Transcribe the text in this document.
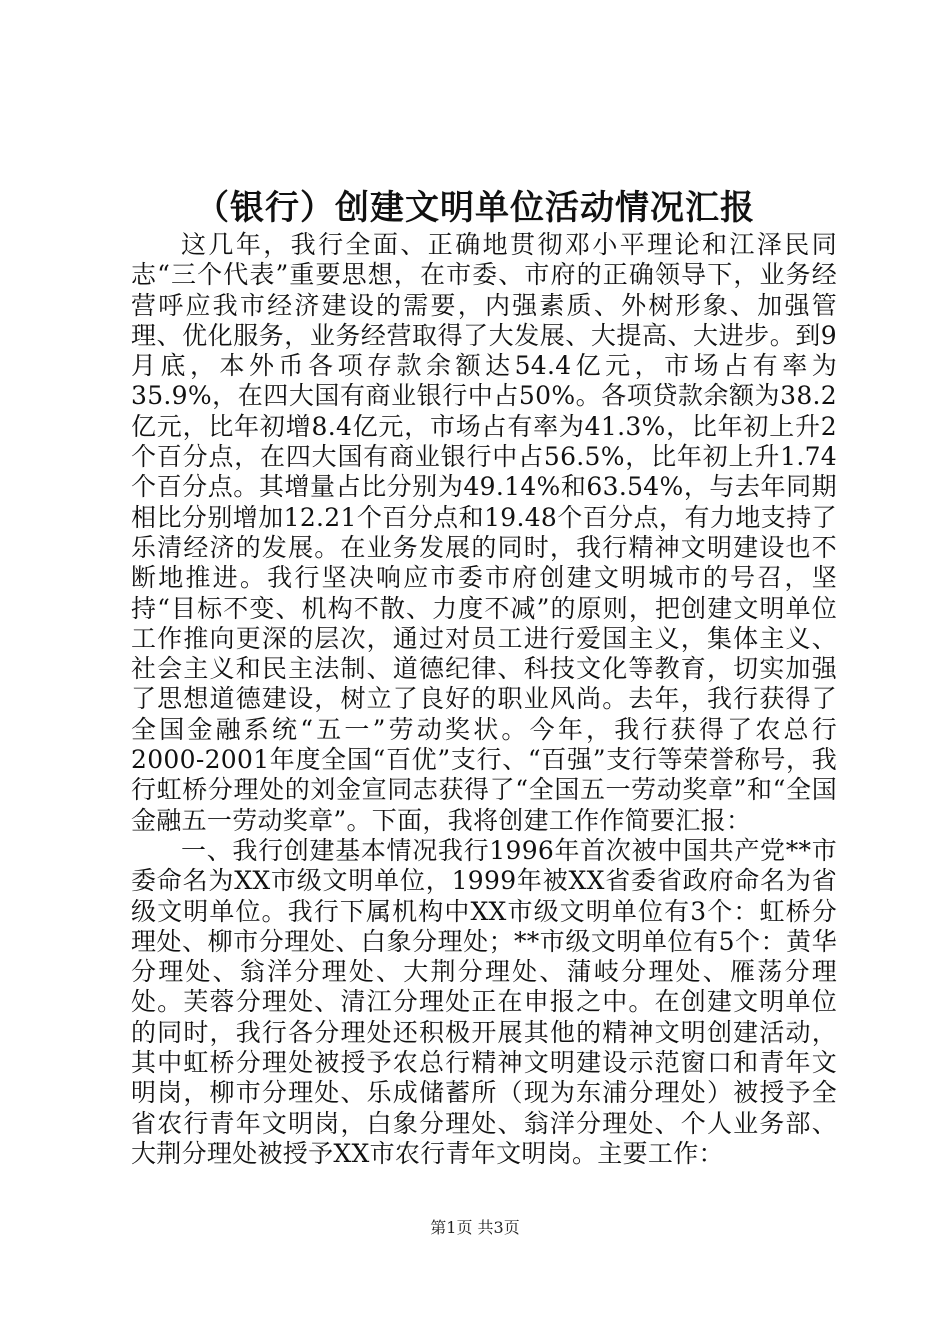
（银行）创建文明单位活动情况汇报

这几年，我行全面、正确地贯彻邓小平理论和江泽民同志“三个代表”重要思想，在市委、市府的正确领导下，业务经营呼应我市经济建设的需要，内强素质、外树形象、加强管理、优化服务，业务经营取得了大发展、大提高、大进步。到9月底，本外币各项存款余额达54.4亿元，市场占有率为35.9%，在四大国有商业银行中占50%。各项贷款余额为38.2亿元，比年初增8.4亿元，市场占有率为41.3%，比年初上升2个百分点，在四大国有商业银行中占56.5%，比年初上升1.74个百分点。其增量占比分别为49.14%和63.54%，与去年同期相比分别增加12.21个百分点和19.48个百分点，有力地支持了乐清经济的发展。在业务发展的同时，我行精神文明建设也不断地推进。我行坚决响应市委市府创建文明城市的号召，坚持“目标不变、机构不散、力度不减”的原则，把创建文明单位工作推向更深的层次，通过对员工进行爱国主义，集体主义、社会主义和民主法制、道德纪律、科技文化等教育，切实加强了思想道德建设，树立了良好的职业风尚。去年，我行获得了全国金融系统“五一”劳动奖状。今年，我行获得了农总行2000-2001年度全国“百优”支行、“百强”支行等荣誉称号，我行虹桥分理处的刘金宣同志获得了“全国五一劳动奖章”和“全国金融五一劳动奖章”。下面，我将创建工作作简要汇报：

一、我行创建基本情况我行1996年首次被中国共产党**市委命名为XX市级文明单位，1999年被XX省委省政府命名为省级文明单位。我行下属机构中XX市级文明单位有3个：虹桥分理处、柳市分理处、白象分理处；**市级文明单位有5个：黄华分理处、翁洋分理处、大荆分理处、蒲岐分理处、雁荡分理处。芙蓉分理处、清江分理处正在申报之中。在创建文明单位的同时，我行各分理处还积极开展其他的精神文明创建活动，其中虹桥分理处被授予农总行精神文明建设示范窗口和青年文明岗，柳市分理处、乐成储蓄所（现为东浦分理处）被授予全省农行青年文明岗，白象分理处、翁洋分理处、个人业务部、大荆分理处被授予XX市农行青年文明岗。主要工作：

第1页 共3页
